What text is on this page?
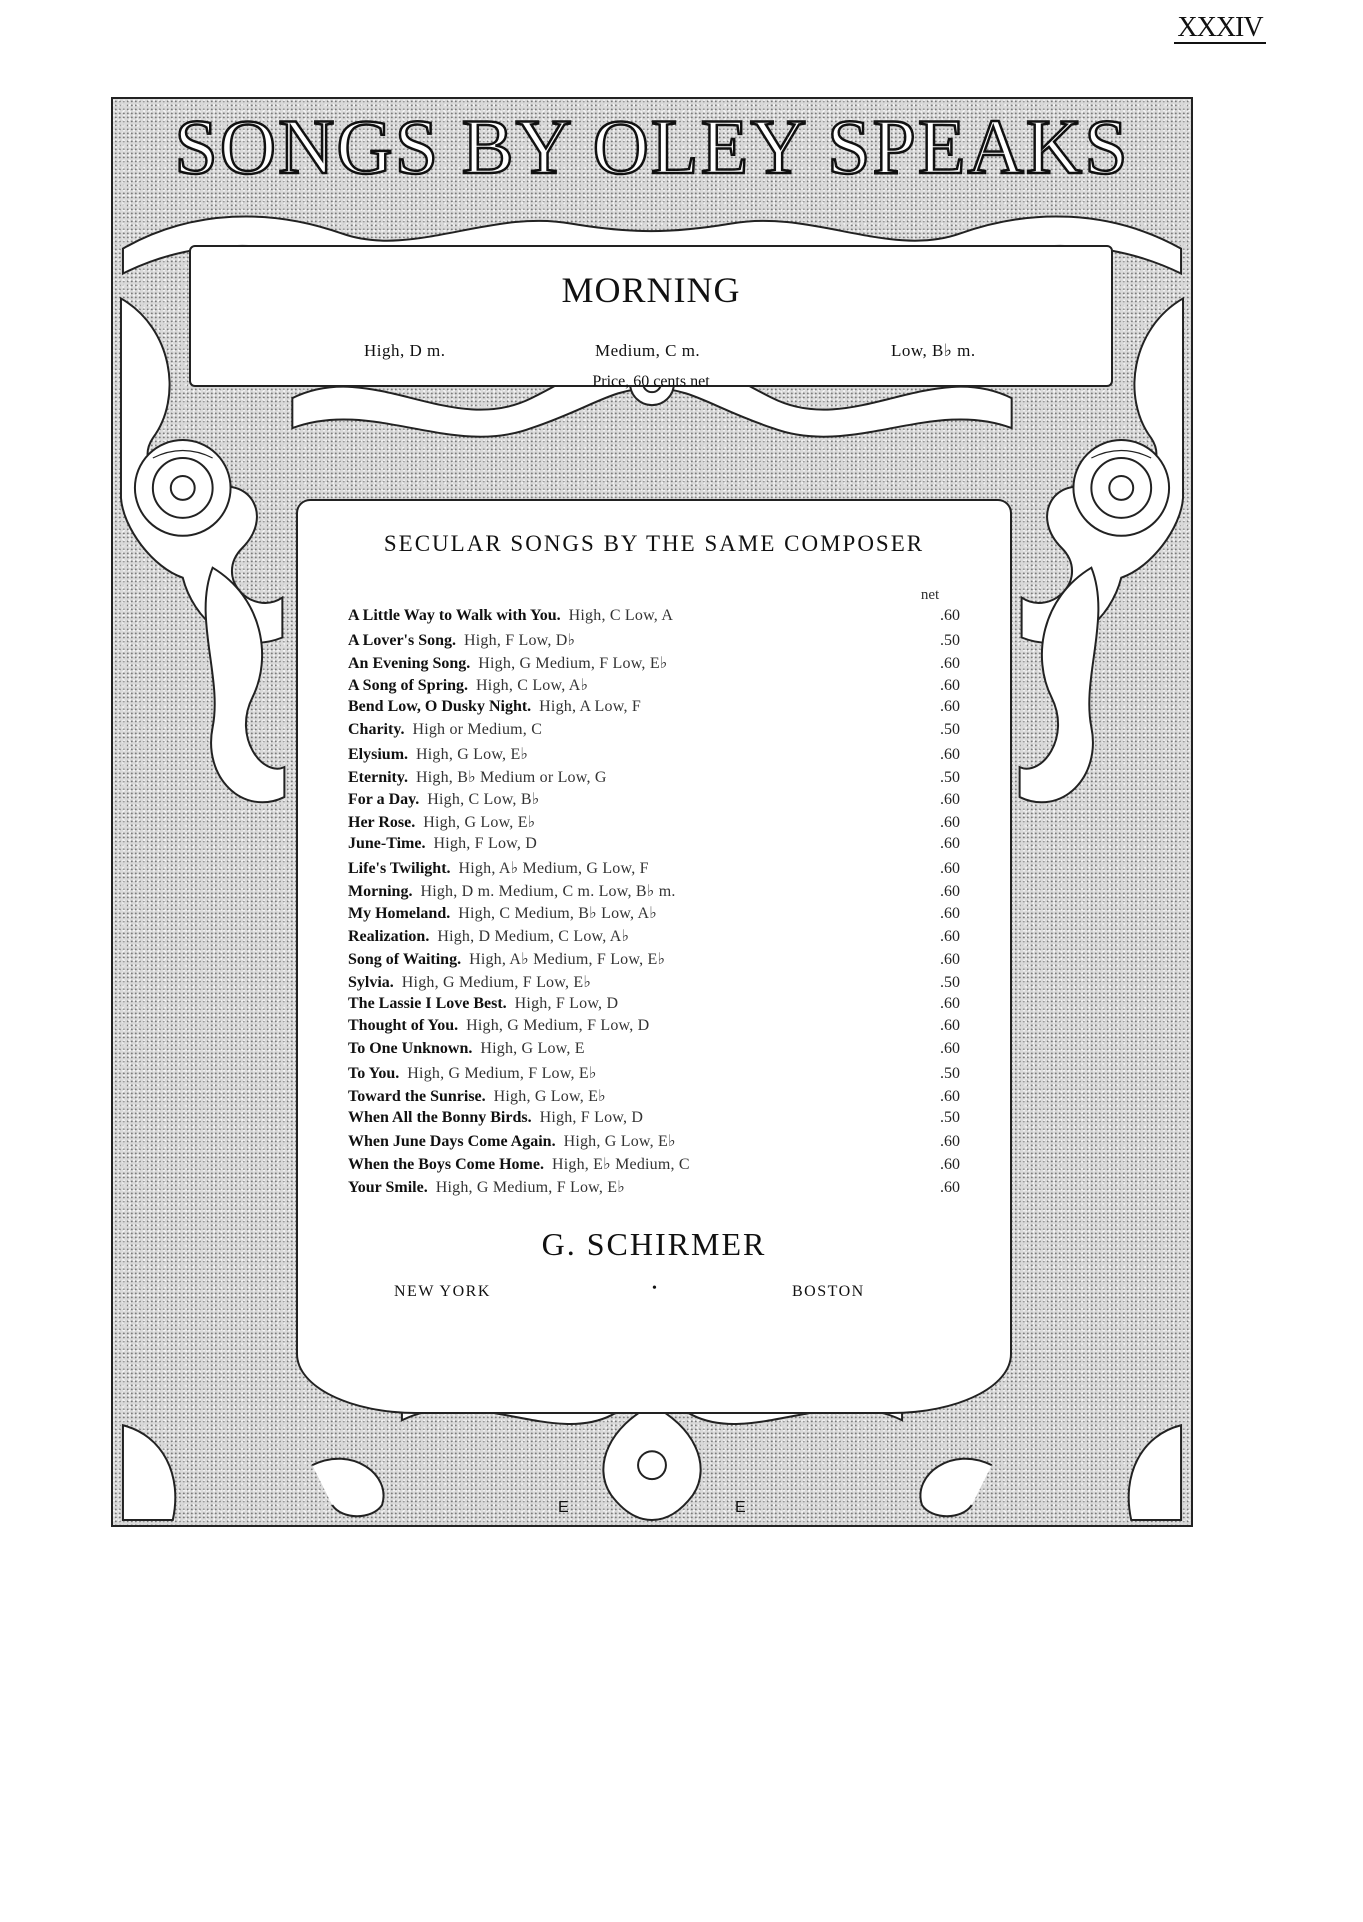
XXXIV
SONGS BY OLEY SPEAKS
MORNING
High, D m.	Medium, C m.	Low, B♭ m.
Price, 60 cents net
SECULAR SONGS BY THE SAME COMPOSER
net
A Little Way to Walk with You. High, C Low, A	.60
A Lover's Song. High, F Low, D♭	.50
An Evening Song. High, G Medium, F Low, E♭	.60
A Song of Spring. High, C Low, A♭	.60
Bend Low, O Dusky Night. High, A Low, F	.60
Charity. High or Medium, C	.50
Elysium. High, G Low, E♭	.60
Eternity. High, B♭ Medium or Low, G	.50
For a Day. High, C Low, B♭	.60
Her Rose. High, G Low, E♭	.60
June-Time. High, F Low, D	.60
Life's Twilight. High, A♭ Medium, G Low, F	.60
Morning. High, D m. Medium, C m. Low, B♭ m.	.60
My Homeland. High, C Medium, B♭ Low, A♭	.60
Realization. High, D Medium, C Low, A♭	.60
Song of Waiting. High, A♭ Medium, F Low, E♭	.60
Sylvia. High, G Medium, F Low, E♭	.50
The Lassie I Love Best. High, F Low, D	.60
Thought of You. High, G Medium, F Low, D	.60
To One Unknown. High, G Low, E	.60
To You. High, G Medium, F Low, E♭	.50
Toward the Sunrise. High, G Low, E♭	.60
When All the Bonny Birds. High, F Low, D	.50
When June Days Come Again. High, G Low, E♭	.60
When the Boys Come Home. High, E♭ Medium, C	.60
Your Smile. High, G Medium, F Low, E♭	.60
G. SCHIRMER
NEW YORK	•	BOSTON
E	E
